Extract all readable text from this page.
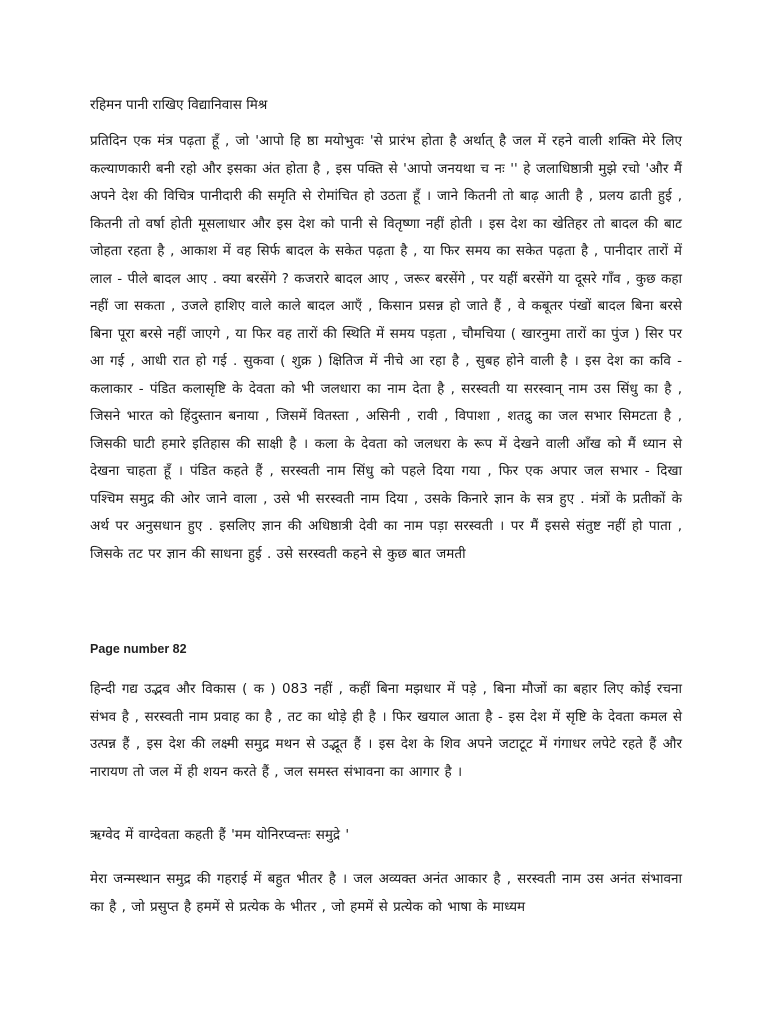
रहिमन पानी राखिए विद्यानिवास मिश्र

प्रतिदिन एक मंत्र पढ़ता हूँ , जो 'आपो हि ष्ठा मयोभुवः 'से प्रारंभ होता है अर्थात् है जल में रहने वाली शक्ति मेरे लिए कल्याणकारी बनी रहो और इसका अंत होता है , इस पक्ति से 'आपो जनयथा च नः '' हे जलाधिष्ठात्री मुझे रचो 'और मैं अपने देश की विचित्र पानीदारी की समृति से रोमांचित हो उठता हूँ । जाने कितनी तो बाढ़ आती है , प्रलय ढाती हुई , कितनी तो वर्षा होती मूसलाधार और इस देश को पानी से वितृष्णा नहीं होती । इस देश का खेतिहर तो बादल की बाट जोहता रहता है , आकाश में वह सिर्फ बादल के सकेत पढ़ता है , या फिर समय का सकेत पढ़ता है , पानीदार तारों में लाल - पीले बादल आए . क्या बरसेंगे ? कजरारे बादल आए , जरूर बरसेंगे , पर यहीं बरसेंगे या दूसरे गाँव , कुछ कहा नहीं जा सकता , उजले हाशिए वाले काले बादल आएँ , किसान प्रसन्न हो जाते हैं , वे कबूतर पंखों बादल बिना बरसे बिना पूरा बरसे नहीं जाएगे , या फिर वह तारों की स्थिति में समय पड़ता , चौमचिया ( खारनुमा तारों का पुंज ) सिर पर आ गई , आधी रात हो गई . सुकवा ( शुक्र ) क्षितिज में नीचे आ रहा है , सुबह होने वाली है । इस देश का कवि - कलाकार - पंडित कलासृष्टि के देवता को भी जलधारा का नाम देता है , सरस्वती या सरस्वान् नाम उस सिंधु का है , जिसने भारत को हिंदुस्तान बनाया , जिसमें वितस्ता , असिनी , रावी , विपाशा , शतद्रु का जल सभार सिमटता है , जिसकी घाटी हमारे इतिहास की साक्षी है । कला के देवता को जलधरा के रूप में देखने वाली आँख को मैं ध्यान से देखना चाहता हूँ । पंडित कहते हैं , सरस्वती नाम सिंधु को पहले दिया गया , फिर एक अपार जल सभार - दिखा पश्चिम समुद्र की ओर जाने वाला , उसे भी सरस्वती नाम दिया , उसके किनारे ज्ञान के सत्र हुए . मंत्रों के प्रतीकों के अर्थ पर अनुसधान हुए . इसलिए ज्ञान की अधिष्ठात्री देवी का नाम पड़ा सरस्वती । पर मैं इससे संतुष्ट नहीं हो पाता , जिसके तट पर ज्ञान की साधना हुई . उसे सरस्वती कहने से कुछ बात जमती

Page number 82

हिन्दी गद्य उद्भव और विकास ( क ) 083 नहीं , कहीं बिना मझधार में पड़े , बिना मौजों का बहार लिए कोई रचना संभव है , सरस्वती नाम प्रवाह का है , तट का थोड़े ही है । फिर खयाल आता है - इस देश में सृष्टि के देवता कमल से उत्पन्न हैं , इस देश की लक्ष्मी समुद्र मथन से उद्भूत हैं । इस देश के शिव अपने जटाटूट में गंगाधर लपेटे रहते हैं और नारायण तो जल में ही शयन करते हैं , जल समस्त संभावना का आगार है ।

ऋग्वेद में वाग्देवता कहती हैं 'मम योनिरप्वन्तः समुद्रे '

मेरा जन्मस्थान समुद्र की गहराई में बहुत भीतर है । जल अव्यक्त अनंत आकार है , सरस्वती नाम उस अनंत संभावना का है , जो प्रसुप्त है हममें से प्रत्येक के भीतर , जो हममें से प्रत्येक को भाषा के माध्यम
